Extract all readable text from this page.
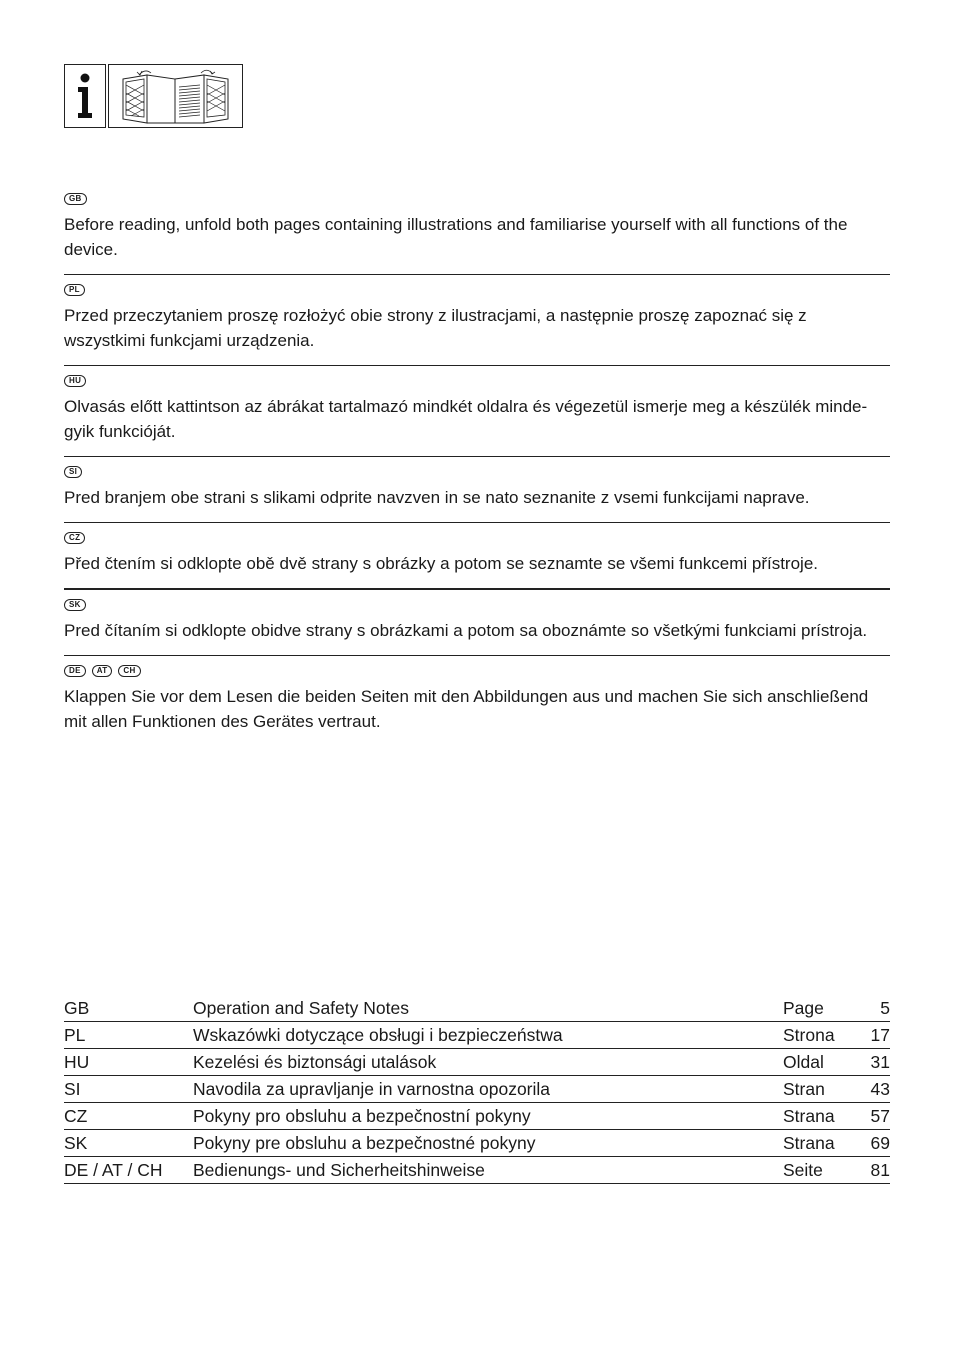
GB
Before reading, unfold both pages containing illustrations and familiarise yourself with all functions of the device.
PL
Przed przeczytaniem proszę rozłożyć obie strony z ilustracjami, a następnie proszę zapoznać się z wszystkimi funkcjami urządzenia.
HU
Olvasás előtt kattintson az ábrákat tartalmazó mindkét oldalra és végezetül ismerje meg a készülék minde-gyik funkcióját.
SI
Pred branjem obe strani s slikami odprite navzven in se nato seznanite z vsemi funkcijami naprave.
CZ
Před čtením si odklopte obě dvě strany s obrázky a potom se seznamte se všemi funkcemi přístroje.
SK
Pred čítaním si odklopte obidve strany s obrázkami a potom sa oboznámte so všetkými funkciami prístroja.
DE	AT	CH
Klappen Sie vor dem Lesen die beiden Seiten mit den Abbildungen aus und machen Sie sich anschließend mit allen Funktionen des Gerätes vertraut.
GB	Operation and Safety Notes	Page	5
PL	Wskazówki dotyczące obsługi i bezpieczeństwa	Strona	17
HU	Kezelési és biztonsági utalások	Oldal	31
SI	Navodila za upravljanje in varnostna opozorila	Stran	43
CZ	Pokyny pro obsluhu a bezpečnostní pokyny	Strana	57
SK	Pokyny pre obsluhu a bezpečnostné pokyny	Strana	69
DE / AT / CH	Bedienungs- und Sicherheitshinweise	Seite	81
